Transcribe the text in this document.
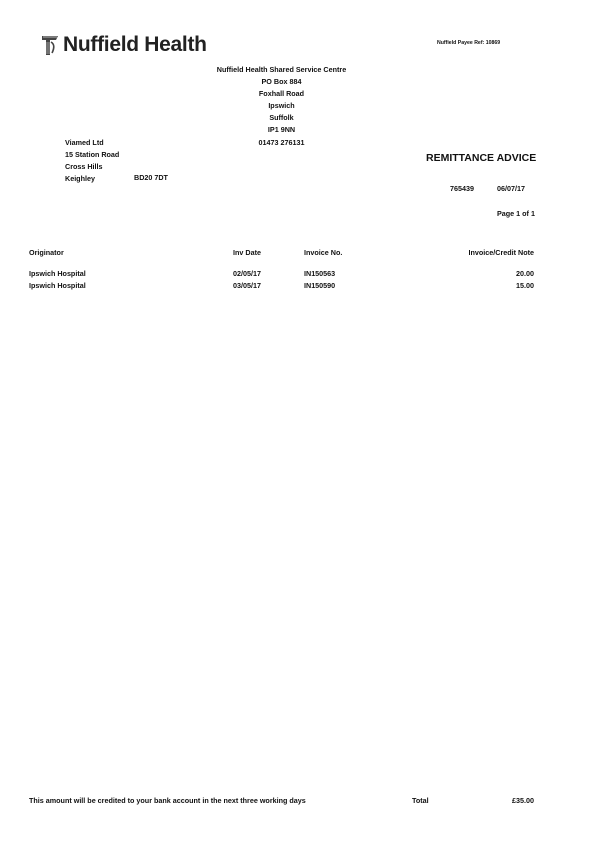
Nuffield Health	Nuffield Payee Ref: 10869
Nuffield Health Shared Service Centre
PO Box 884
Foxhall Road
Ipswich
Suffolk
IP1 9NN
01473 276131
Viamed Ltd
15 Station Road
Cross Hills
Keighley	BD20 7DT
REMITTANCE ADVICE
765439	06/07/17
Page 1 of 1
Originator	Inv Date	Invoice No.	Invoice/Credit Note
Ipswich Hospital	02/05/17	IN150563	20.00
Ipswich Hospital	03/05/17	IN150590	15.00
This amount will be credited to your bank account in the next three working days	Total	£35.00
